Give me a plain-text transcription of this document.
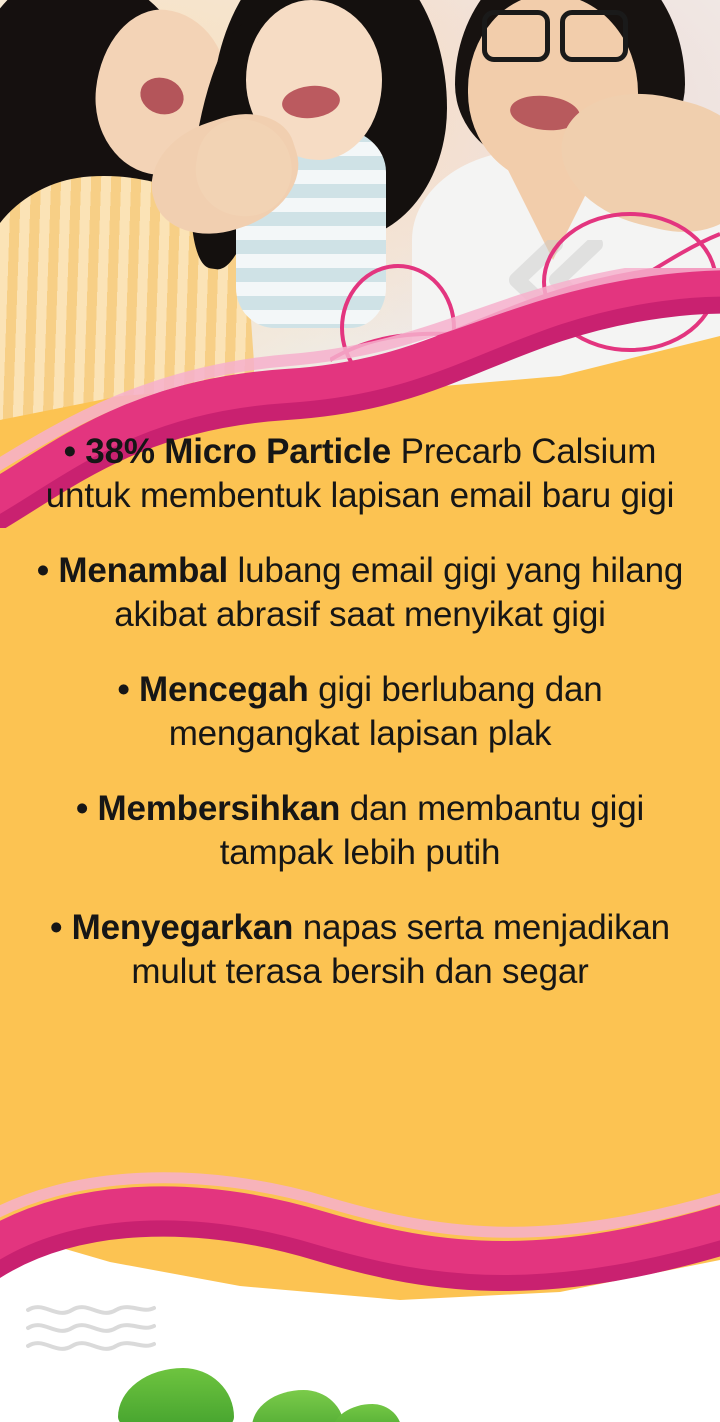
• 38% Micro Particle Precarb Calsium untuk membentuk lapisan email baru gigi

• Menambal lubang email gigi yang hilang akibat abrasif saat menyikat gigi

• Mencegah gigi berlubang dan mengangkat lapisan plak

• Membersihkan dan membantu gigi tampak lebih putih

• Menyegarkan napas serta menjadikan mulut terasa bersih dan segar
